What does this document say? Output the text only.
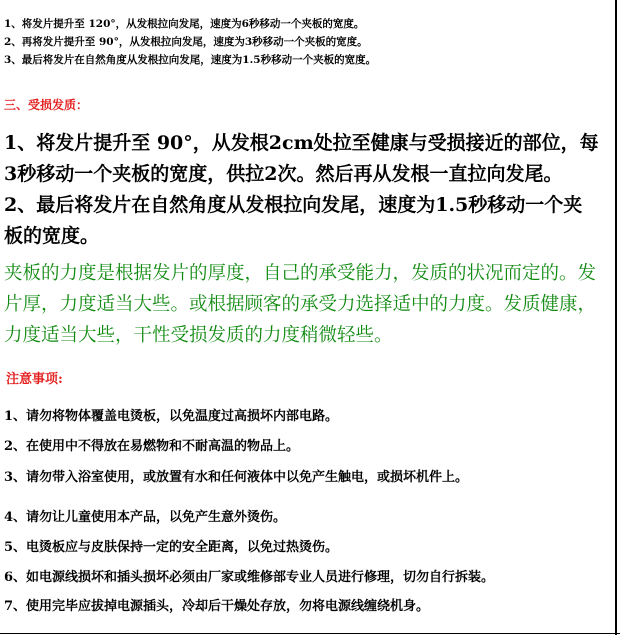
1、将发片提升至 120°，从发根拉向发尾，速度为6秒移动一个夹板的宽度。

2、再将发片提升至 90°，从发根拉向发尾，速度为3秒移动一个夹板的宽度。

3、最后将发片在自然角度从发根拉向发尾，速度为1.5秒移动一个夹板的宽度。

三、受损发质：

1、将发片提升至 90°，从发根2cm处拉至健康与受损接近的部位，每3秒移动一个夹板的宽度，供拉2次。然后再从发根一直拉向发尾。

2、最后将发片在自然角度从发根拉向发尾，速度为1.5秒移动一个夹板的宽度。

夹板的力度是根据发片的厚度，自己的承受能力，发质的状况而定的。发片厚，力度适当大些。或根据顾客的承受力选择适中的力度。发质健康，力度适当大些，干性受损发质的力度稍微轻些。

注意事项:
1、请勿将物体覆盖电烫板，以免温度过高损坏内部电路。
2、在使用中不得放在易燃物和不耐高温的物品上。
3、请勿带入浴室使用，或放置有水和任何液体中以免产生触电，或损坏机件上。
4、请勿让儿童使用本产品，以免产生意外烫伤。
5、电烫板应与皮肤保持一定的安全距离，以免过热烫伤。
6、如电源线损坏和插头损坏必须由厂家或维修部专业人员进行修理，切勿自行拆装。
7、使用完毕应拔掉电源插头，冷却后干燥处存放，勿将电源线缠绕机身。
